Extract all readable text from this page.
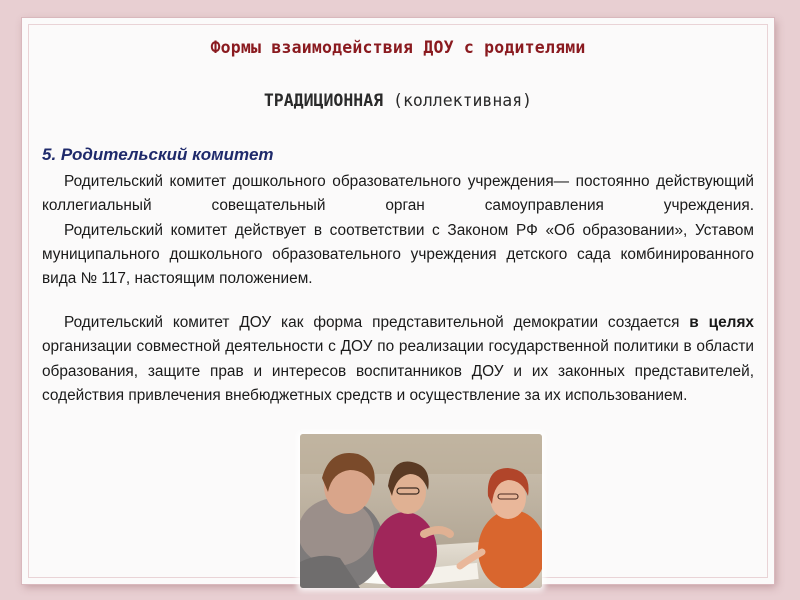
Формы взаимодействия ДОУ с родителями
ТРАДИЦИОННАЯ (коллективная)
5. Родительский комитет

Родительский комитет дошкольного образовательного учреждения— постоянно действующий коллегиальный совещательный орган самоуправления учреждения.

Родительский комитет действует в соответствии с Законом РФ «Об образовании», Уставом муниципального дошкольного образовательного учреждения детского сада комбинированного вида № 117, настоящим положением.

Родительский комитет ДОУ как форма представительной демократии создается в целях организации совместной деятельности с ДОУ по реализации государственной политики в области образования, защите прав и интересов воспитанников ДОУ и их законных представителей, содействия привлечения внебюджетных средств и осуществление за их использованием.
